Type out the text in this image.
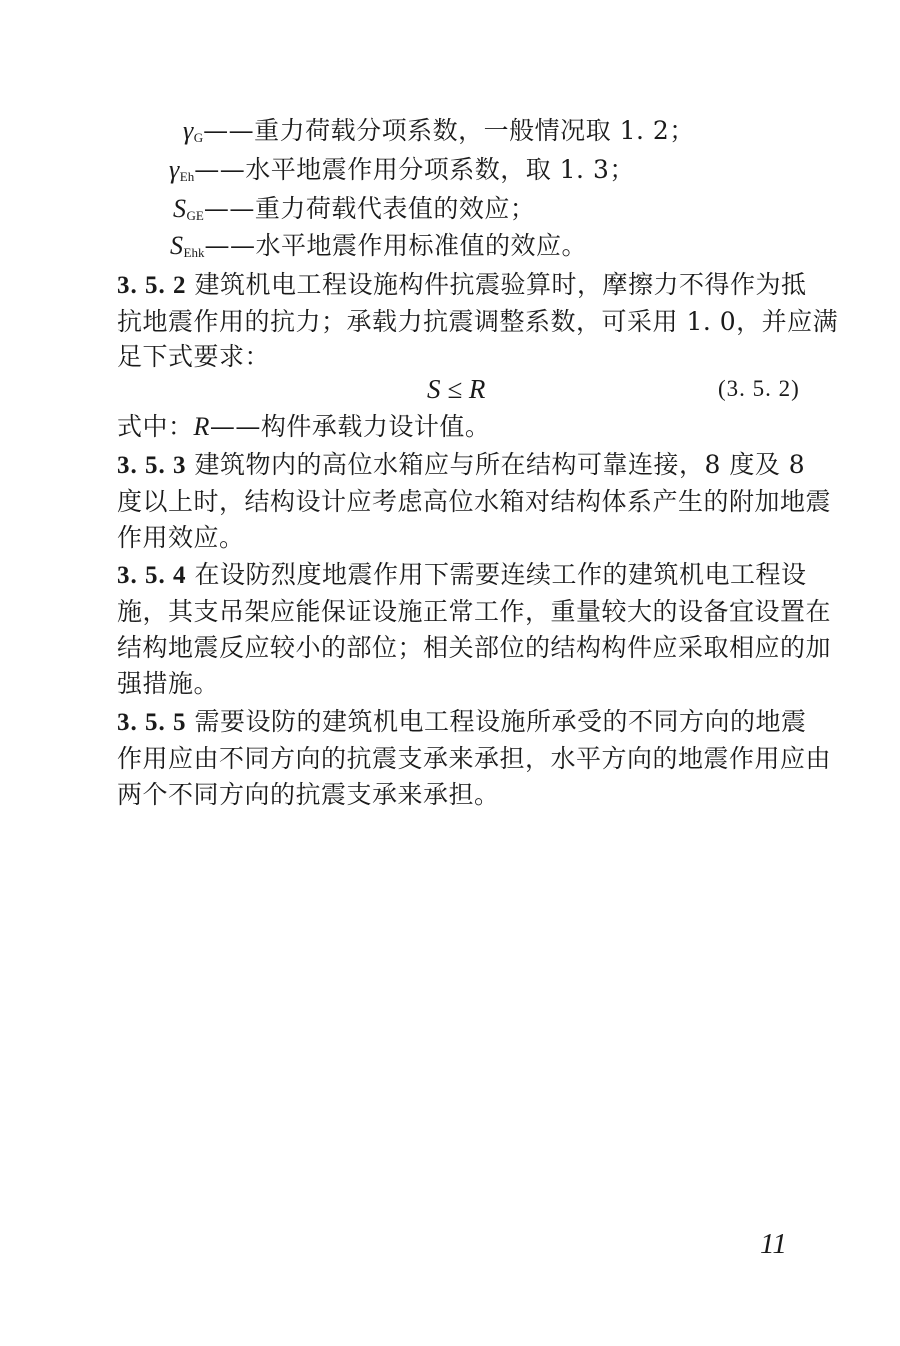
$\gamma_G——$重力荷载分项系数，一般情况取 1. 2；
$\gamma_{Eh}——$水平地震作用分项系数，取 1. 3；
$S_{GE}——$重力荷载代表值的效应；
$S_{Ehk}——$水平地震作用标准值的效应。
3. 5. 2 建筑机电工程设施构件抗震验算时，摩擦力不得作为抵
抗地震作用的抗力；承载力抗震调整系数，可采用 1. 0，并应满
足下式要求：
S ≤ R	(3. 5. 2)
式中：R——构件承载力设计值。
3. 5. 3 建筑物内的高位水箱应与所在结构可靠连接，8 度及 8
度以上时，结构设计应考虑高位水箱对结构体系产生的附加地震
作用效应。
3. 5. 4 在设防烈度地震作用下需要连续工作的建筑机电工程设
施，其支吊架应能保证设施正常工作，重量较大的设备宜设置在
结构地震反应较小的部位；相关部位的结构构件应采取相应的加
强措施。
3. 5. 5 需要设防的建筑机电工程设施所承受的不同方向的地震
作用应由不同方向的抗震支承来承担，水平方向的地震作用应由
两个不同方向的抗震支承来承担。
11
